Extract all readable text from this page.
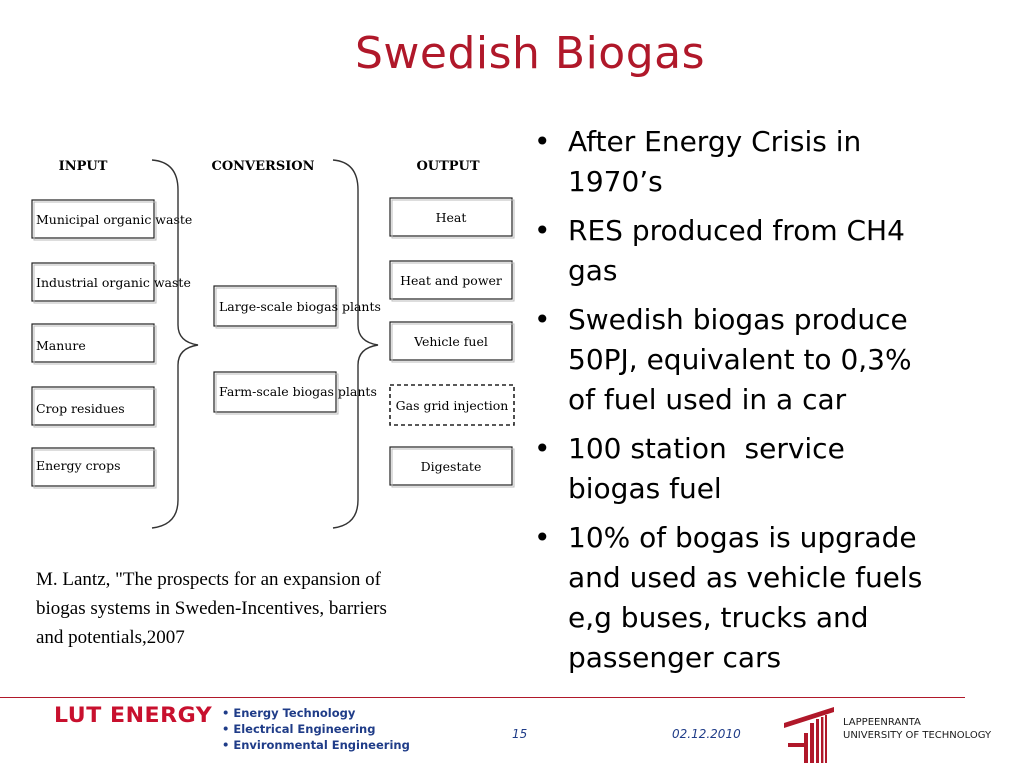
Swedish Biogas
INPUT	CONVERSION	OUTPUT
Municipal organic waste
Industrial organic waste
Manure
Crop residues
Energy crops
Large-scale biogas plants
Farm-scale biogas plants
Heat
Heat and power
Vehicle fuel
Gas grid injection
Digestate
M. Lantz, "The prospects for an expansion of
biogas systems in Sweden-Incentives, barriers
and potentials,2007
• After Energy Crisis in
1970’s
• RES produced from CH4
gas
• Swedish biogas produce
50PJ, equivalent to 0,3%
of fuel used in a car
• 100 station  service
biogas fuel
• 10% of bogas is upgrade
and used as vehicle fuels
e,g buses, trucks and
passenger cars
LUT ENERGY • Energy Technology
• Electrical Engineering
• Environmental Engineering
15	02.12.2010
LAPPEENRANTA
UNIVERSITY OF TECHNOLOGY
